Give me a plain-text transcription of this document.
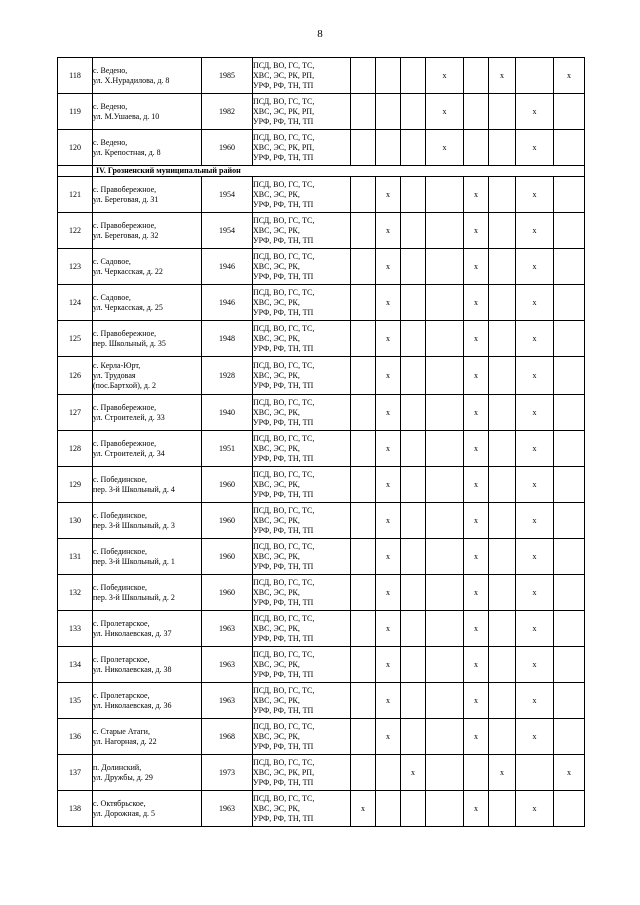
8
118	с. Ведено,
ул. Х.Нурадилова, д. 8	1985	ПСД, ВО, ГС, ТС,
ХВС, ЭС, РК, РП,
УРФ, РФ, ТН, ТП				x		x		x
119	с. Ведено,
ул. М.Ушаева, д. 10	1982	ПСД, ВО, ГС, ТС,
ХВС, ЭС, РК, РП,
УРФ, РФ, ТН, ТП				x			x	
120	с. Ведено,
ул. Крепостная, д. 8	1960	ПСД, ВО, ГС, ТС,
ХВС, ЭС, РК, РП,
УРФ, РФ, ТН, ТП				x			x	
	IV. Грозненский муниципальный район										
121	с. Правобережное,
ул. Береговая, д. 31	1954	ПСД, ВО, ГС, ТС,
ХВС, ЭС, РК,
УРФ, РФ, ТН, ТП		x			x		x	
122	с. Правобережное,
ул. Береговая, д. 32	1954	ПСД, ВО, ГС, ТС,
ХВС, ЭС, РК,
УРФ, РФ, ТН, ТП		x			x		x	
123	с. Садовое,
ул. Черкасская, д. 22	1946	ПСД, ВО, ГС, ТС,
ХВС, ЭС, РК,
УРФ, РФ, ТН, ТП		x			x		x	
124	с. Садовое,
ул. Черкасская, д. 25	1946	ПСД, ВО, ГС, ТС,
ХВС, ЭС, РК,
УРФ, РФ, ТН, ТП		x			x		x	
125	с. Правобережное,
пер. Школьный, д. 35	1948	ПСД, ВО, ГС, ТС,
ХВС, ЭС, РК,
УРФ, РФ, ТН, ТП		x			x		x	
126	с. Керла-Юрт,
ул. Трудовая
(пос.Бартхой), д. 2	1928	ПСД, ВО, ГС, ТС,
ХВС, ЭС, РК,
УРФ, РФ, ТН, ТП		x			x		x	
127	с. Правобережное,
ул. Строителей, д. 33	1940	ПСД, ВО, ГС, ТС,
ХВС, ЭС, РК,
УРФ, РФ, ТН, ТП		x			x		x	
128	с. Правобережное,
ул. Строителей, д. 34	1951	ПСД, ВО, ГС, ТС,
ХВС, ЭС, РК,
УРФ, РФ, ТН, ТП		x			x		x	
129	с. Побединское,
пер. 3-й Школьный, д. 4	1960	ПСД, ВО, ГС, ТС,
ХВС, ЭС, РК,
УРФ, РФ, ТН, ТП		x			x		x	
130	с. Побединское,
пер. 3-й Школьный, д. 3	1960	ПСД, ВО, ГС, ТС,
ХВС, ЭС, РК,
УРФ, РФ, ТН, ТП		x			x		x	
131	с. Побединское,
пер. 3-й Школьный, д. 1	1960	ПСД, ВО, ГС, ТС,
ХВС, ЭС, РК,
УРФ, РФ, ТН, ТП		x			x		x	
132	с. Побединское,
пер. 3-й Школьный, д. 2	1960	ПСД, ВО, ГС, ТС,
ХВС, ЭС, РК,
УРФ, РФ, ТН, ТП		x			x		x	
133	с. Пролетарское,
ул. Николаевская, д. 37	1963	ПСД, ВО, ГС, ТС,
ХВС, ЭС, РК,
УРФ, РФ, ТН, ТП		x			x		x	
134	с. Пролетарское,
ул. Николаевская, д. 38	1963	ПСД, ВО, ГС, ТС,
ХВС, ЭС, РК,
УРФ, РФ, ТН, ТП		x			x		x	
135	с. Пролетарское,
ул. Николаевская, д. 36	1963	ПСД, ВО, ГС, ТС,
ХВС, ЭС, РК,
УРФ, РФ, ТН, ТП		x			x		x	
136	с. Старые Атаги,
ул. Нагорная, д. 22	1968	ПСД, ВО, ГС, ТС,
ХВС, ЭС, РК,
УРФ, РФ, ТН, ТП		x			x		x	
137	п. Долинский,
ул. Дружбы, д. 29	1973	ПСД, ВО, ГС, ТС,
ХВС, ЭС, РК, РП,
УРФ, РФ, ТН, ТП			x			x		x
138	с. Октябрьское,
ул. Дорожная, д. 5	1963	ПСД, ВО, ГС, ТС,
ХВС, ЭС, РК,
УРФ, РФ, ТН, ТП	x				x		x	
